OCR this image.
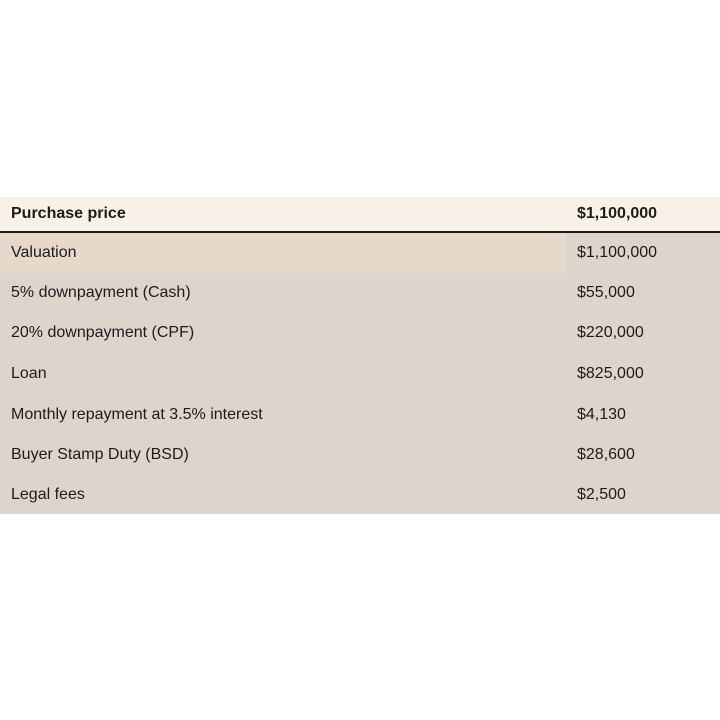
Purchase price	$1,100,000
Valuation	$1,100,000
5% downpayment (Cash)	$55,000
20% downpayment (CPF)	$220,000
Loan	$825,000
Monthly repayment at 3.5% interest	$4,130
Buyer Stamp Duty (BSD)	$28,600
Legal fees	$2,500
